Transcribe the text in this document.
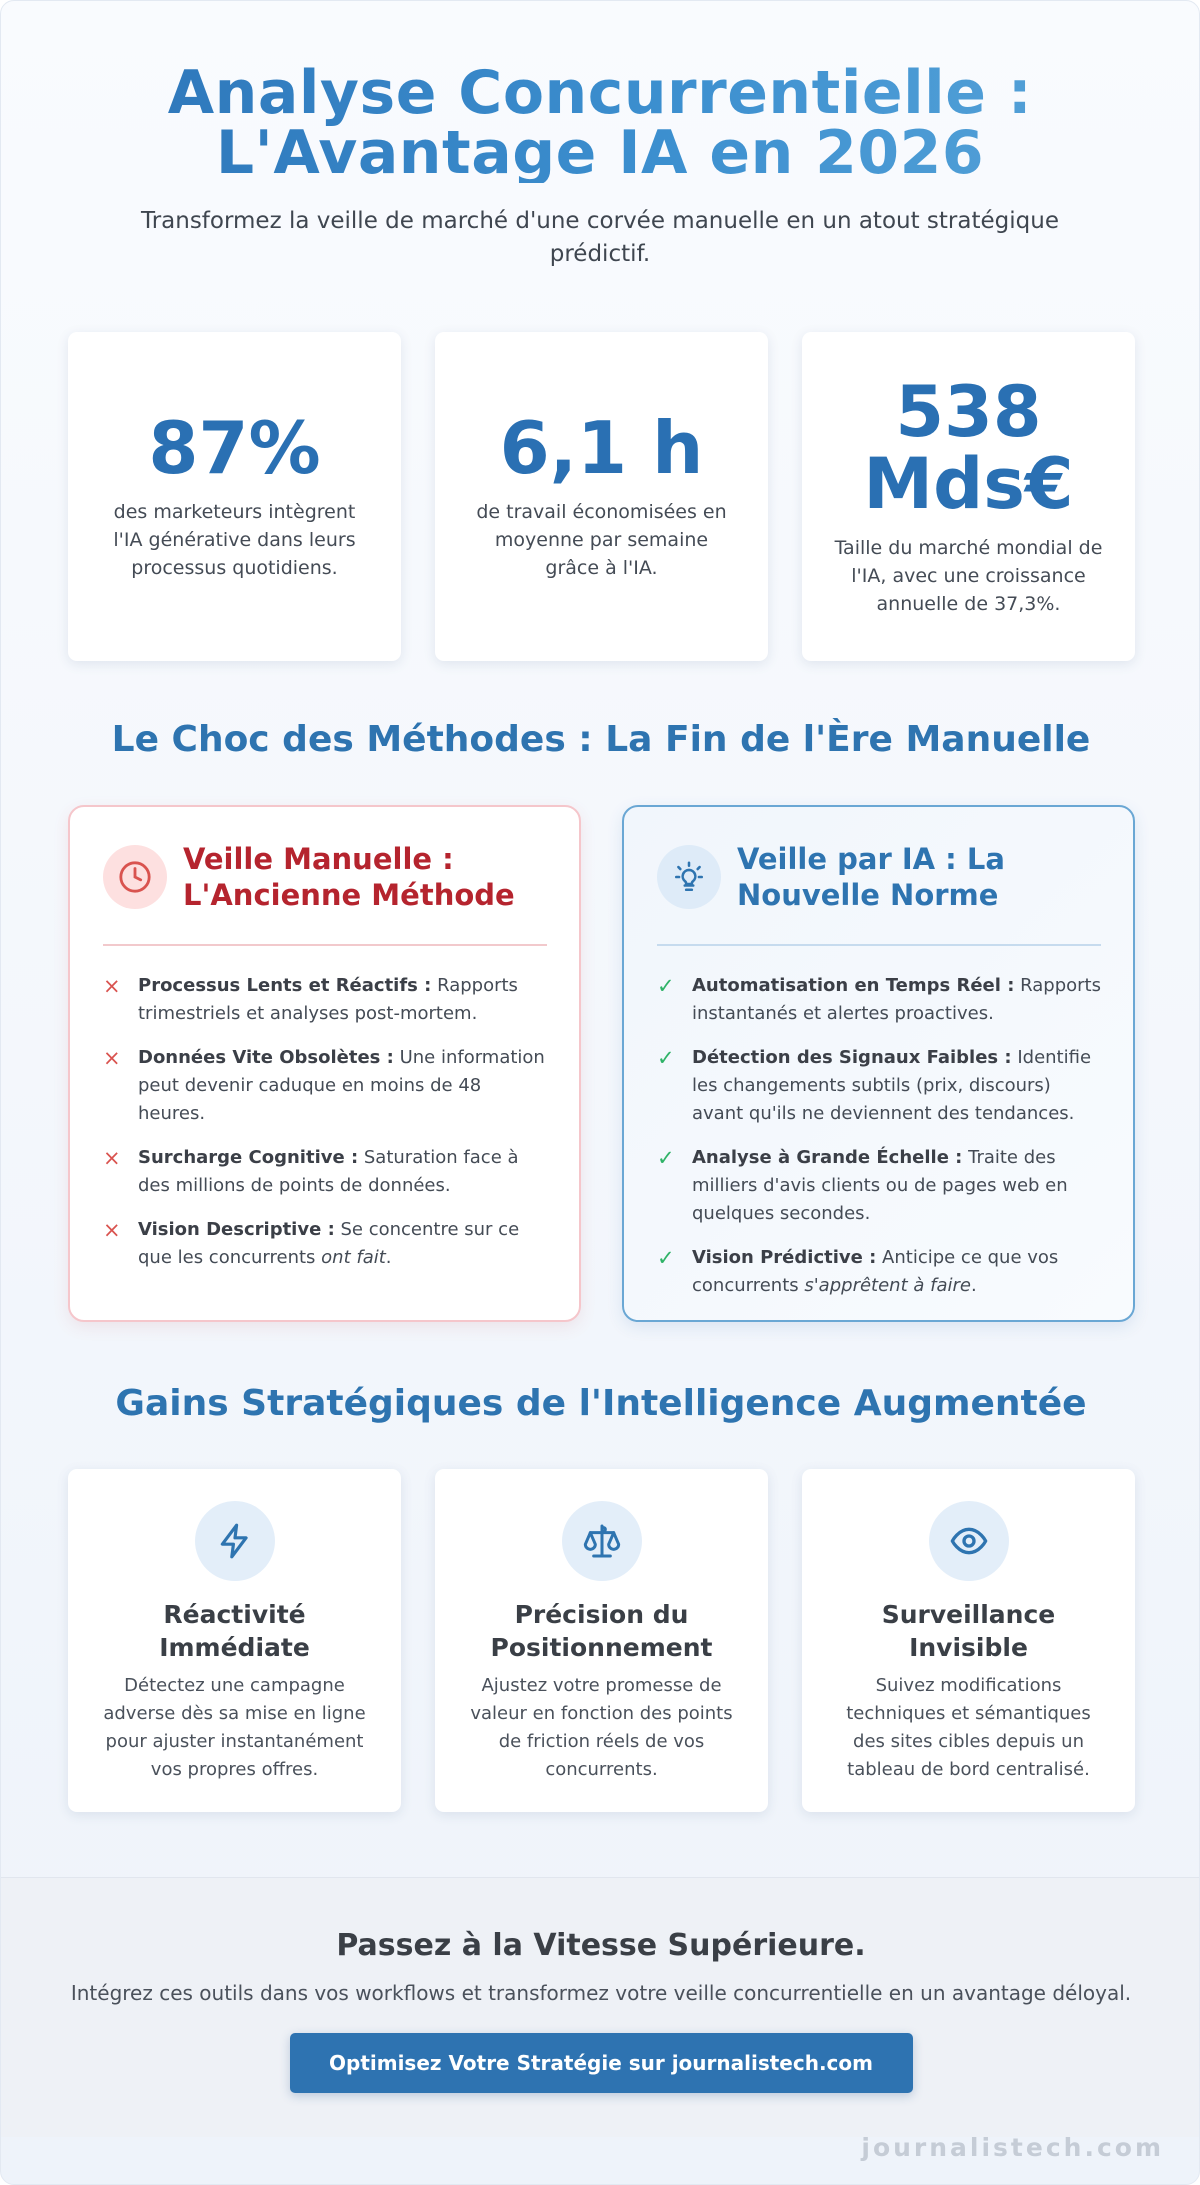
Analyse Concurrentielle :
L'Avantage IA en 2026

Transformez la veille de marché d'une corvée manuelle en un atout stratégique prédictif.

87%
des marketeurs intègrent l'IA générative dans leurs processus quotidiens.
6,1 h
de travail économisées en moyenne par semaine grâce à l'IA.
538
Mds€
Taille du marché mondial de l'IA, avec une croissance annuelle de 37,3%.
Le Choc des Méthodes : La Fin de l'Ère Manuelle
Veille Manuelle :
L'Ancienne Méthode
× Processus Lents et Réactifs : Rapports trimestriels et analyses post-mortem.
× Données Vite Obsolètes : Une information peut devenir caduque en moins de 48 heures.
× Surcharge Cognitive : Saturation face à des millions de points de données.
× Vision Descriptive : Se concentre sur ce que les concurrents ont fait.
Veille par IA : La
Nouvelle Norme
✓ Automatisation en Temps Réel : Rapports instantanés et alertes proactives.
✓ Détection des Signaux Faibles : Identifie les changements subtils (prix, discours) avant qu'ils ne deviennent des tendances.
✓ Analyse à Grande Échelle : Traite des milliers d'avis clients ou de pages web en quelques secondes.
✓ Vision Prédictive : Anticipe ce que vos concurrents s'apprêtent à faire.
Gains Stratégiques de l'Intelligence Augmentée
Réactivité
Immédiate
Détectez une campagne adverse dès sa mise en ligne pour ajuster instantanément vos propres offres.
Précision du
Positionnement
Ajustez votre promesse de valeur en fonction des points de friction réels de vos concurrents.
Surveillance
Invisible
Suivez modifications techniques et sémantiques des sites cibles depuis un tableau de bord centralisé.
Passez à la Vitesse Supérieure.

Intégrez ces outils dans vos workflows et transformez votre veille concurrentielle en un avantage déloyal.

Optimisez Votre Stratégie sur journalistech.com
journalistech.com
